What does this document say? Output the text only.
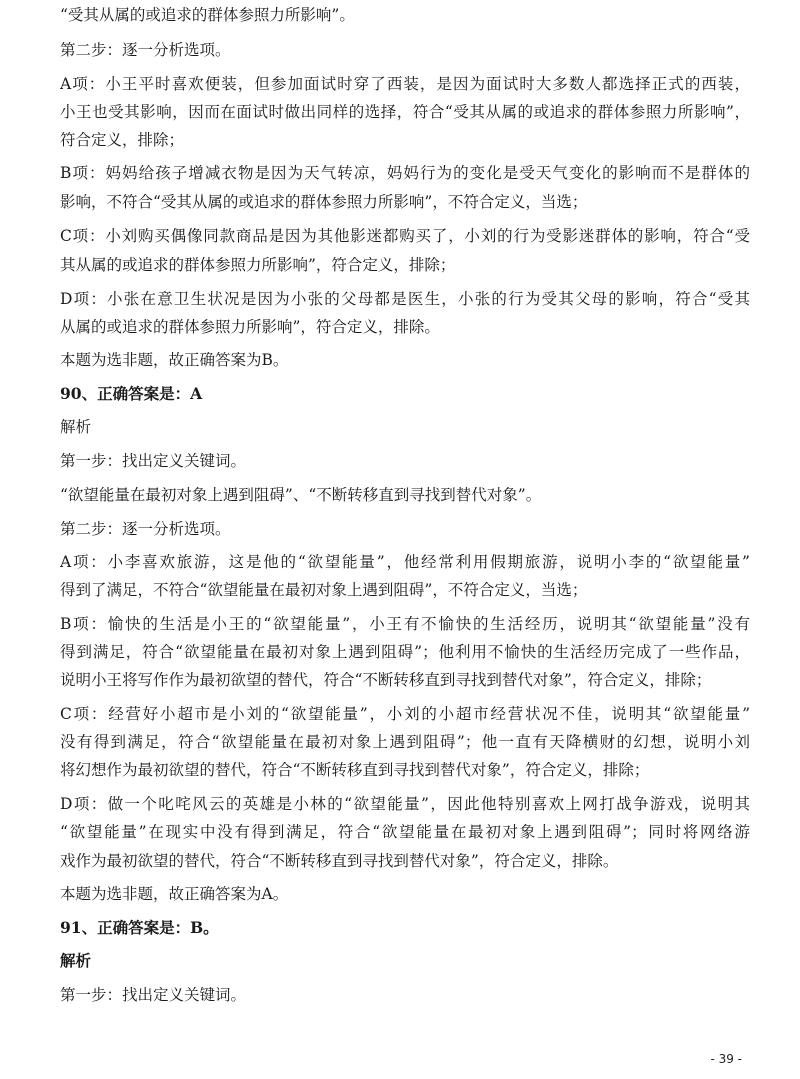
“受其从属的或追求的群体参照力所影响”。
第二步：逐一分析选项。
A项：小王平时喜欢便装，但参加面试时穿了西装，是因为面试时大多数人都选择正式的西装，
小王也受其影响，因而在面试时做出同样的选择，符合“受其从属的或追求的群体参照力所影响”，
符合定义，排除；
B项：妈妈给孩子增减衣物是因为天气转凉，妈妈行为的变化是受天气变化的影响而不是群体的
影响，不符合“受其从属的或追求的群体参照力所影响”，不符合定义，当选；
C项：小刘购买偶像同款商品是因为其他影迷都购买了，小刘的行为受影迷群体的影响，符合“受
其从属的或追求的群体参照力所影响”，符合定义，排除；
D项：小张在意卫生状况是因为小张的父母都是医生，小张的行为受其父母的影响，符合“受其
从属的或追求的群体参照力所影响”，符合定义，排除。
本题为选非题，故正确答案为B。
90、正确答案是：A
解析
第一步：找出定义关键词。
“欲望能量在最初对象上遇到阻碍”、“不断转移直到寻找到替代对象”。
第二步：逐一分析选项。
A项：小李喜欢旅游，这是他的“欲望能量”，他经常利用假期旅游，说明小李的“欲望能量”
得到了满足，不符合“欲望能量在最初对象上遇到阻碍”，不符合定义，当选；
B项：愉快的生活是小王的“欲望能量”，小王有不愉快的生活经历，说明其“欲望能量”没有
得到满足，符合“欲望能量在最初对象上遇到阻碍”；他利用不愉快的生活经历完成了一些作品，
说明小王将写作作为最初欲望的替代，符合“不断转移直到寻找到替代对象”，符合定义，排除；
C项：经营好小超市是小刘的“欲望能量”，小刘的小超市经营状况不佳，说明其“欲望能量”
没有得到满足，符合“欲望能量在最初对象上遇到阻碍”；他一直有天降横财的幻想，说明小刘
将幻想作为最初欲望的替代，符合“不断转移直到寻找到替代对象”，符合定义，排除；
D项：做一个叱咤风云的英雄是小林的“欲望能量”，因此他特别喜欢上网打战争游戏，说明其
“欲望能量”在现实中没有得到满足，符合“欲望能量在最初对象上遇到阻碍”；同时将网络游
戏作为最初欲望的替代，符合“不断转移直到寻找到替代对象”，符合定义，排除。
本题为选非题，故正确答案为A。
91、正确答案是：B。
解析
第一步：找出定义关键词。
- 39 -
